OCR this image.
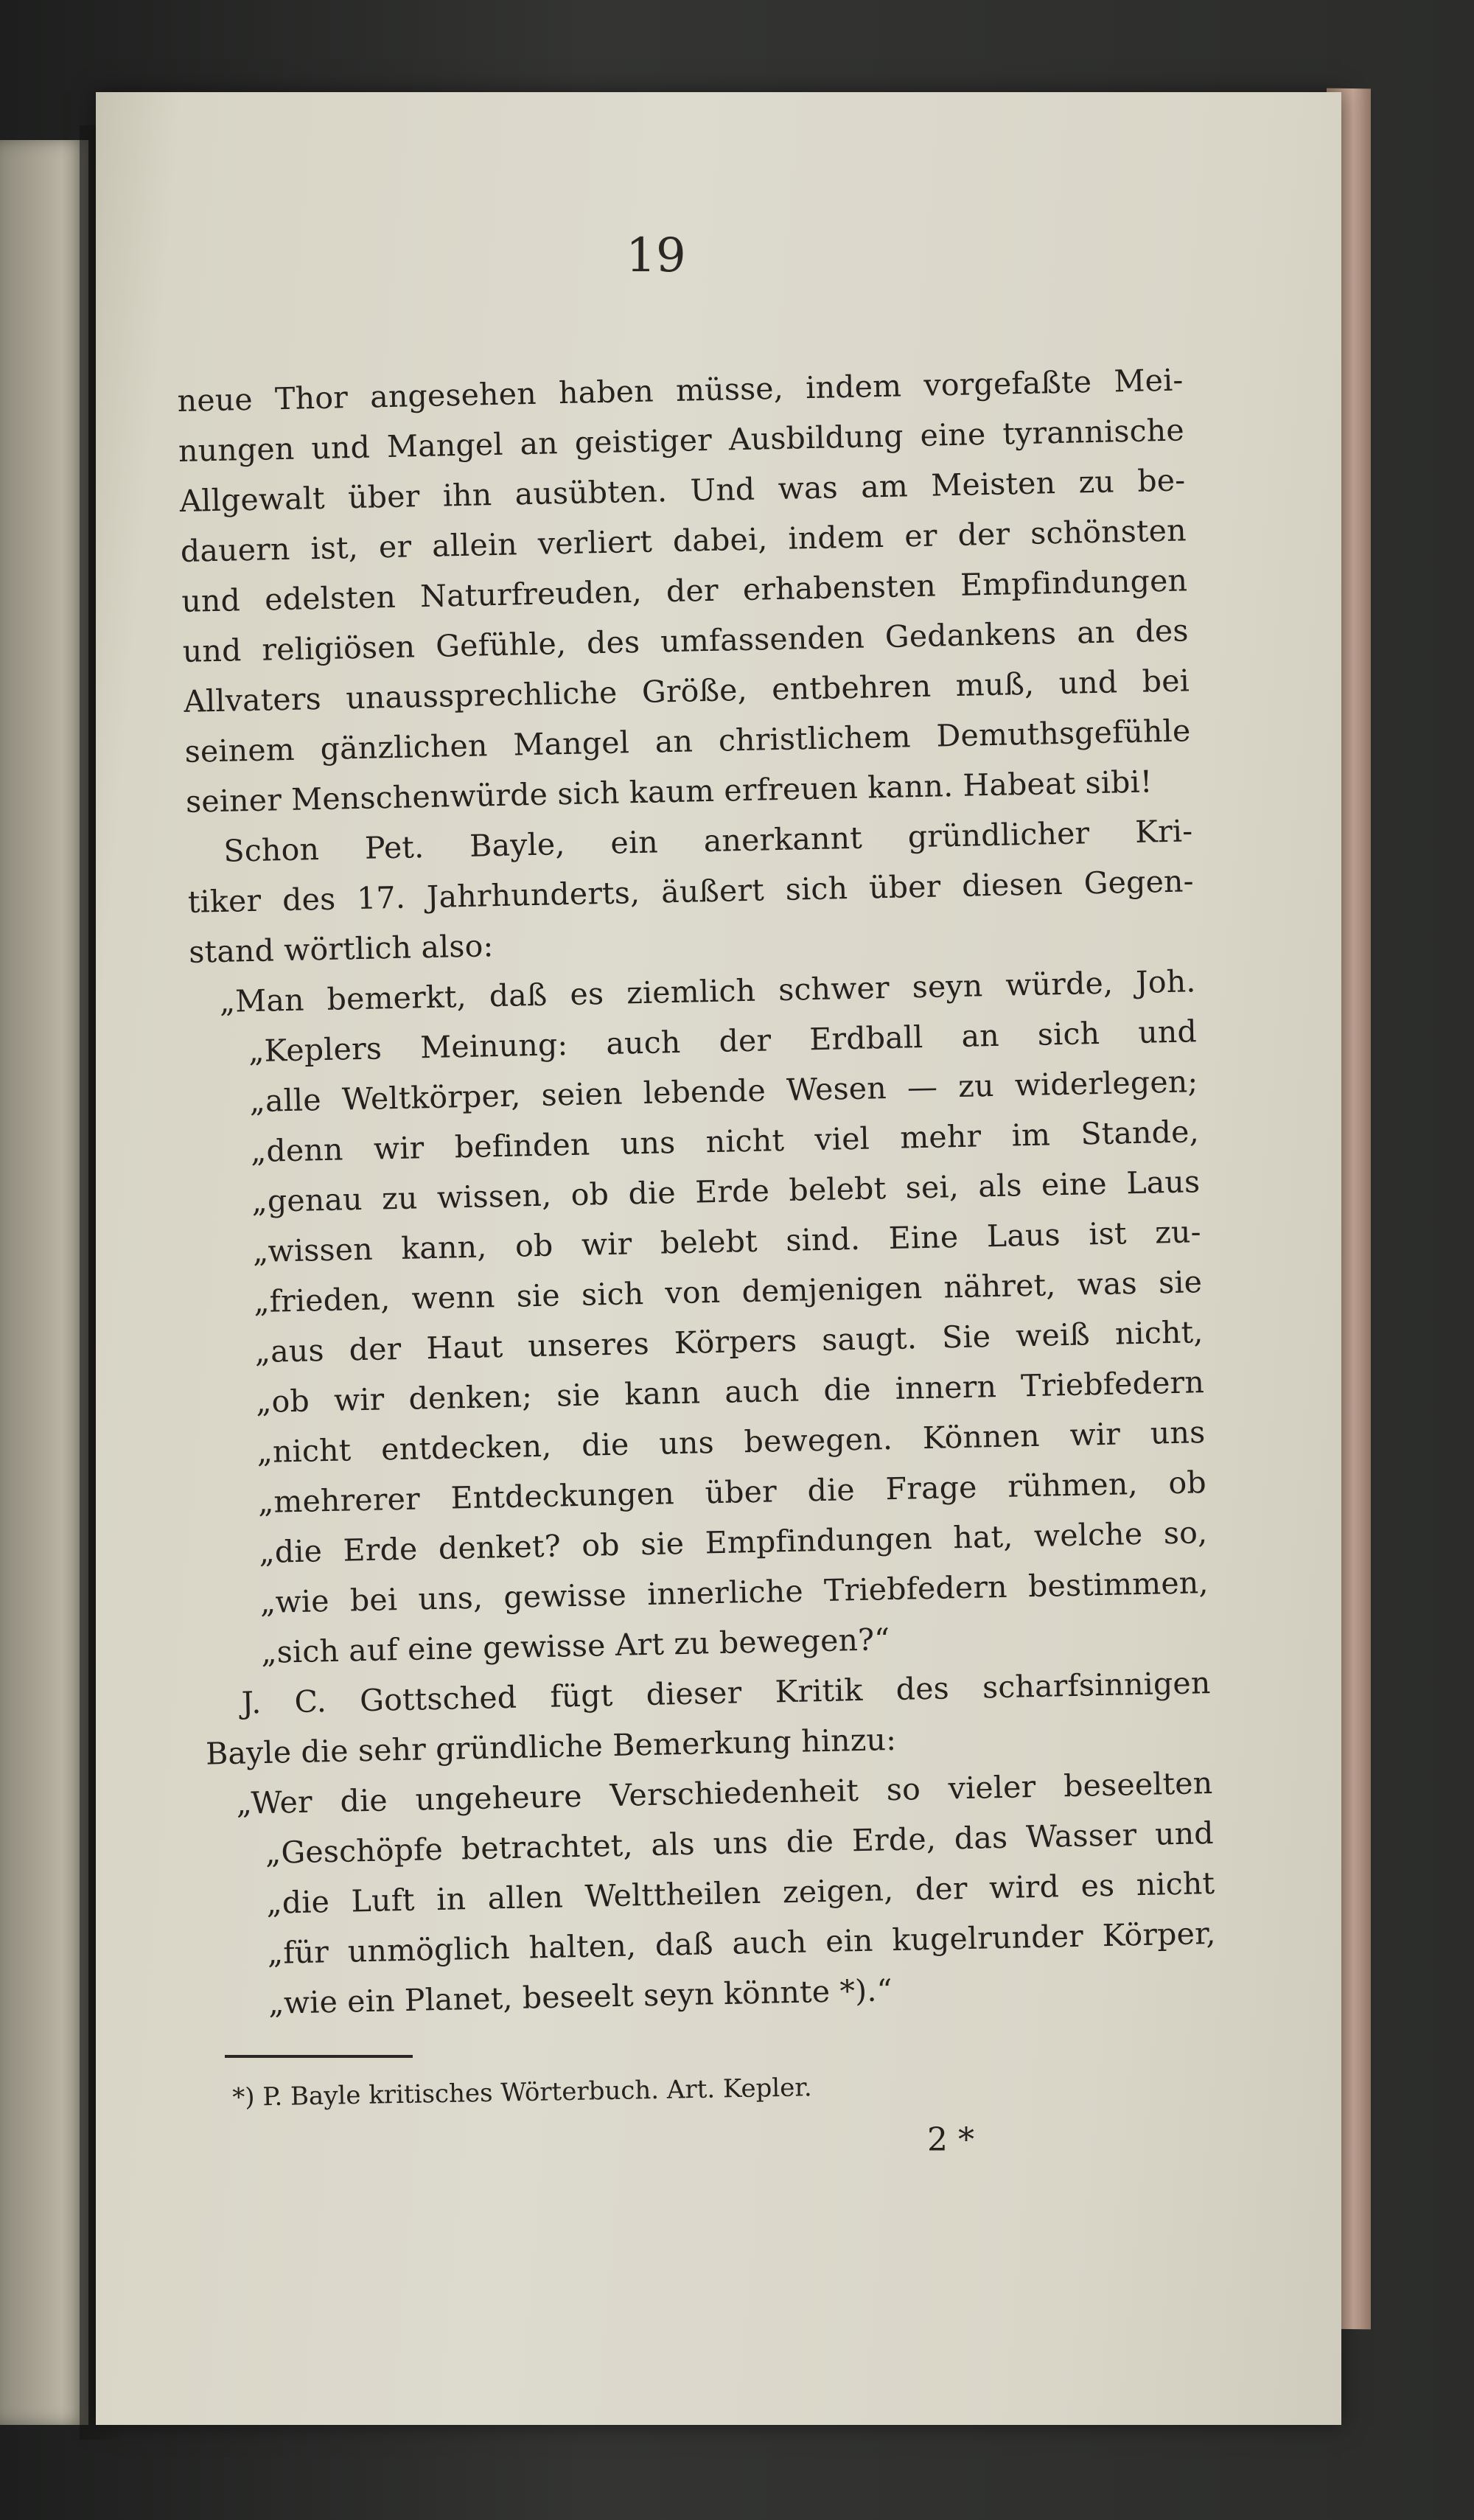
19
neue Thor angesehen haben müsse, indem vorgefaßte Mei-
nungen und Mangel an geistiger Ausbildung eine tyrannische
Allgewalt über ihn ausübten. Und was am Meisten zu be-
dauern ist, er allein verliert dabei, indem er der schönsten
und edelsten Naturfreuden, der erhabensten Empfindungen
und religiösen Gefühle, des umfassenden Gedankens an des
Allvaters unaussprechliche Größe, entbehren muß, und bei
seinem gänzlichen Mangel an christlichem Demuthsgefühle
seiner Menschenwürde sich kaum erfreuen kann. Habeat sibi!
Schon Pet. Bayle, ein anerkannt gründlicher Kri-
tiker des 17. Jahrhunderts, äußert sich über diesen Gegen-
stand wörtlich also:
„Man bemerkt, daß es ziemlich schwer seyn würde, Joh.
„Keplers Meinung: auch der Erdball an sich und
„alle Weltkörper, seien lebende Wesen — zu widerlegen;
„denn wir befinden uns nicht viel mehr im Stande,
„genau zu wissen, ob die Erde belebt sei, als eine Laus
„wissen kann, ob wir belebt sind. Eine Laus ist zu-
„frieden, wenn sie sich von demjenigen nähret, was sie
„aus der Haut unseres Körpers saugt. Sie weiß nicht,
„ob wir denken; sie kann auch die innern Triebfedern
„nicht entdecken, die uns bewegen. Können wir uns
„mehrerer Entdeckungen über die Frage rühmen, ob
„die Erde denket? ob sie Empfindungen hat, welche so,
„wie bei uns, gewisse innerliche Triebfedern bestimmen,
„sich auf eine gewisse Art zu bewegen?“
J. C. Gottsched fügt dieser Kritik des scharfsinnigen
Bayle die sehr gründliche Bemerkung hinzu:
„Wer die ungeheure Verschiedenheit so vieler beseelten
„Geschöpfe betrachtet, als uns die Erde, das Wasser und
„die Luft in allen Welttheilen zeigen, der wird es nicht
„für unmöglich halten, daß auch ein kugelrunder Körper,
„wie ein Planet, beseelt seyn könnte *).“
*) P. Bayle kritisches Wörterbuch. Art. Kepler.
2 *
